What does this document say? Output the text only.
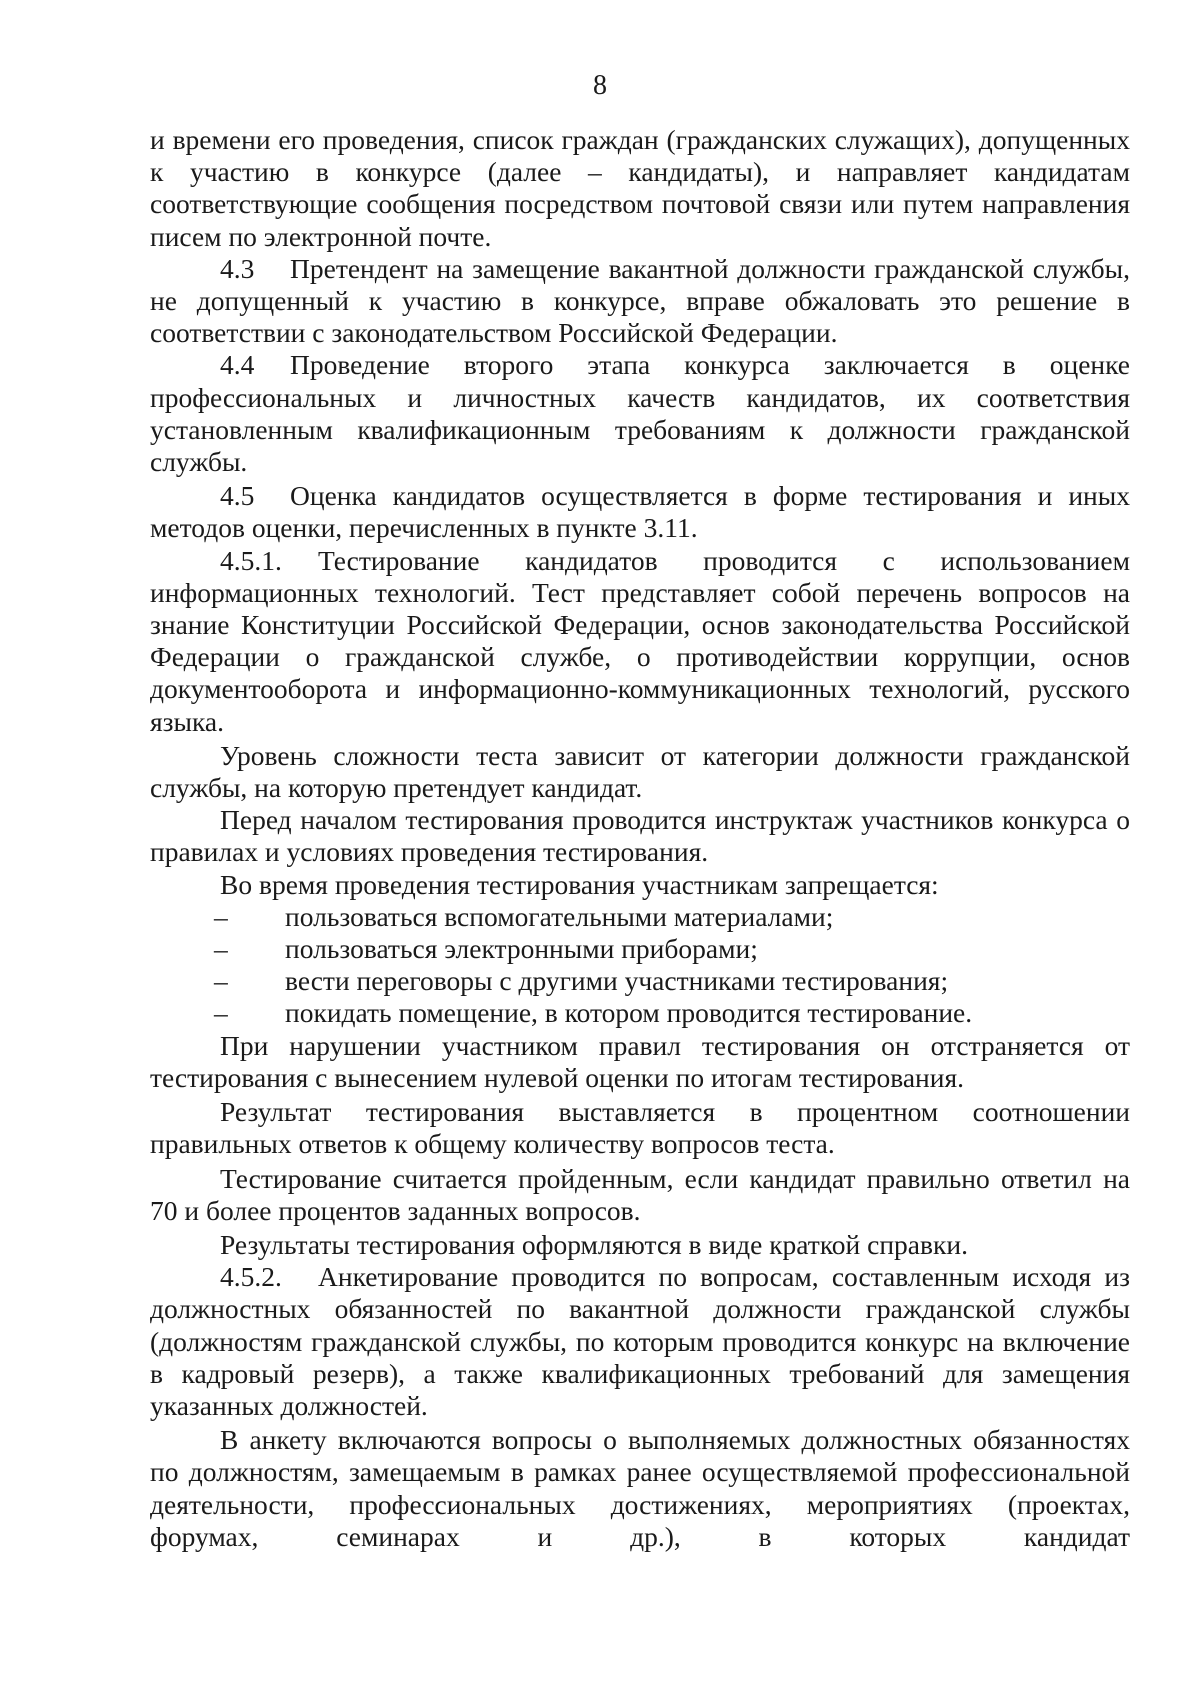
8

и времени его проведения, список граждан (гражданских служащих), допущенных к участию в конкурсе (далее – кандидаты), и направляет кандидатам соответствующие сообщения посредством почтовой связи или путем направления писем по электронной почте.

4.3 Претендент на замещение вакантной должности гражданской службы, не допущенный к участию в конкурсе, вправе обжаловать это решение в соответствии с законодательством Российской Федерации.

4.4 Проведение второго этапа конкурса заключается в оценке профессиональных и личностных качеств кандидатов, их соответствия установленным квалификационным требованиям к должности гражданской службы.

4.5 Оценка кандидатов осуществляется в форме тестирования и иных методов оценки, перечисленных в пункте 3.11.

4.5.1. Тестирование кандидатов проводится с использованием информационных технологий. Тест представляет собой перечень вопросов на знание Конституции Российской Федерации, основ законодательства Российской Федерации о гражданской службе, о противодействии коррупции, основ документооборота и информационно-коммуникационных технологий, русского языка.

Уровень сложности теста зависит от категории должности гражданской службы, на которую претендует кандидат.

Перед началом тестирования проводится инструктаж участников конкурса о правилах и условиях проведения тестирования.

Во время проведения тестирования участникам запрещается:

– пользоваться вспомогательными материалами;
– пользоваться электронными приборами;
– вести переговоры с другими участниками тестирования;
– покидать помещение, в котором проводится тестирование.

При нарушении участником правил тестирования он отстраняется от тестирования с вынесением нулевой оценки по итогам тестирования.

Результат тестирования выставляется в процентном соотношении правильных ответов к общему количеству вопросов теста.

Тестирование считается пройденным, если кандидат правильно ответил на 70 и более процентов заданных вопросов.

Результаты тестирования оформляются в виде краткой справки.

4.5.2. Анкетирование проводится по вопросам, составленным исходя из должностных обязанностей по вакантной должности гражданской службы (должностям гражданской службы, по которым проводится конкурс на включение в кадровый резерв), а также квалификационных требований для замещения указанных должностей.

В анкету включаются вопросы о выполняемых должностных обязанностях по должностям, замещаемым в рамках ранее осуществляемой профессиональной деятельности, профессиональных достижениях, мероприятиях (проектах, форумах, семинарах и др.), в которых кандидат
